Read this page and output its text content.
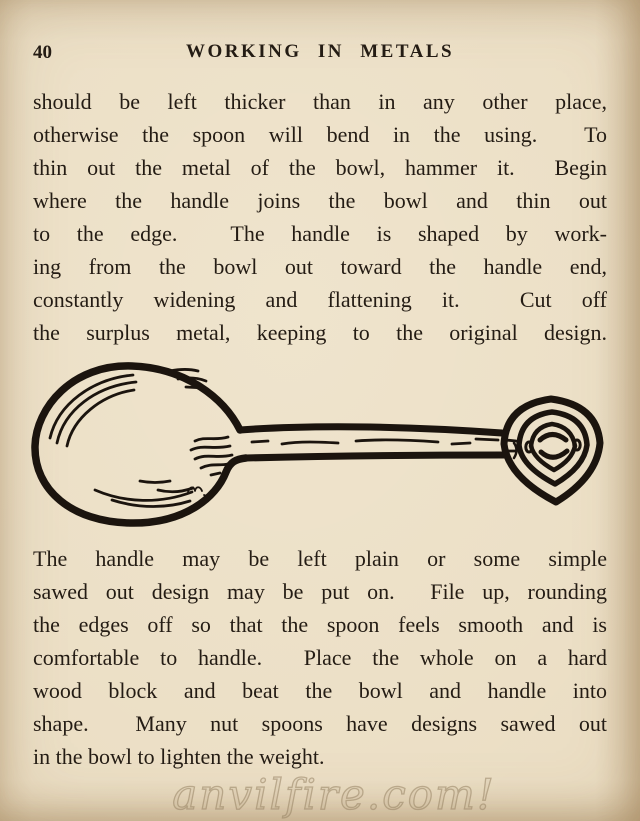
40	WORKING IN METALS
should be left thicker than in any other place,
otherwise the spoon will bend in the using.  To
thin out the metal of the bowl, hammer it.  Begin
where the handle joins the bowl and thin out
to the edge.  The handle is shaped by work-
ing from the bowl out toward the handle end,
constantly widening and flattening it.  Cut off
the surplus metal, keeping to the original design.
The handle may be left plain or some simple
sawed out design may be put on.  File up, rounding
the edges off so that the spoon feels smooth and is
comfortable to handle.  Place the whole on a hard
wood block and beat the bowl and handle into
shape.  Many nut spoons have designs sawed out
in the bowl to lighten the weight.
anvilfire.com!
